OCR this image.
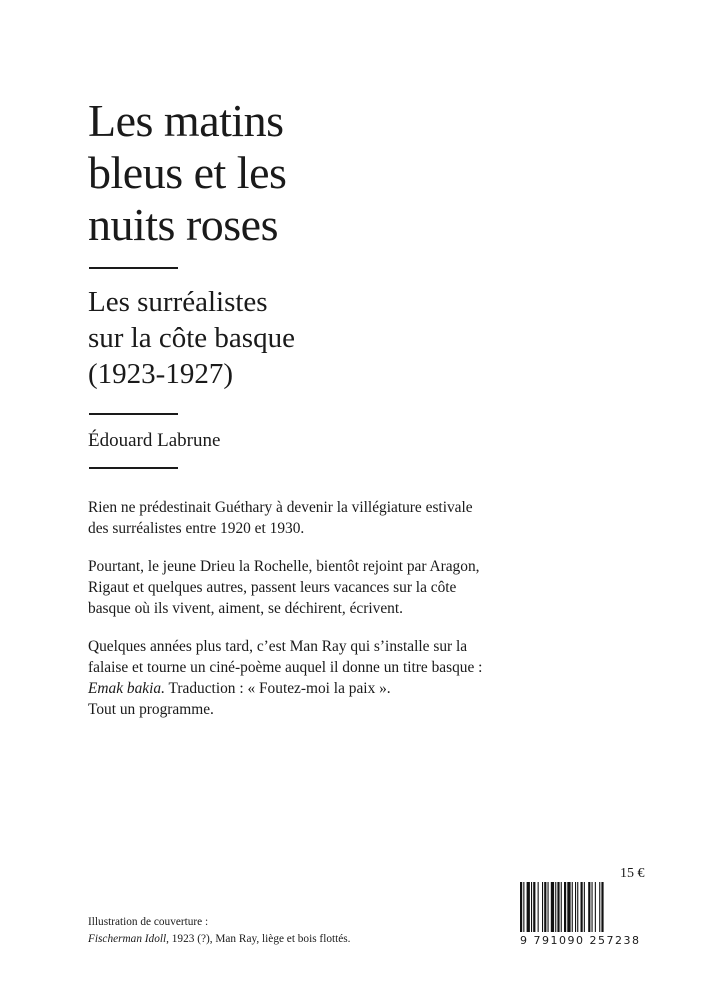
Les matins
bleus et les
nuits roses
Les surréalistes
sur la côte basque
(1923-1927)

Édouard Labrune

Rien ne prédestinait Guéthary à devenir la villégiature estivale
des surréalistes entre 1920 et 1930.

Pourtant, le jeune Drieu la Rochelle, bientôt rejoint par Aragon,
Rigaut et quelques autres, passent leurs vacances sur la côte
basque où ils vivent, aiment, se déchirent, écrivent.

Quelques années plus tard, c’est Man Ray qui s’installe sur la
falaise et tourne un ciné-poème auquel il donne un titre basque :
Emak bakia. Traduction : « Foutez-moi la paix ».
Tout un programme.

Illustration de couverture :
Fischerman Idoll, 1923 (?), Man Ray, liège et bois flottés.
15 €
9 791090 257238
